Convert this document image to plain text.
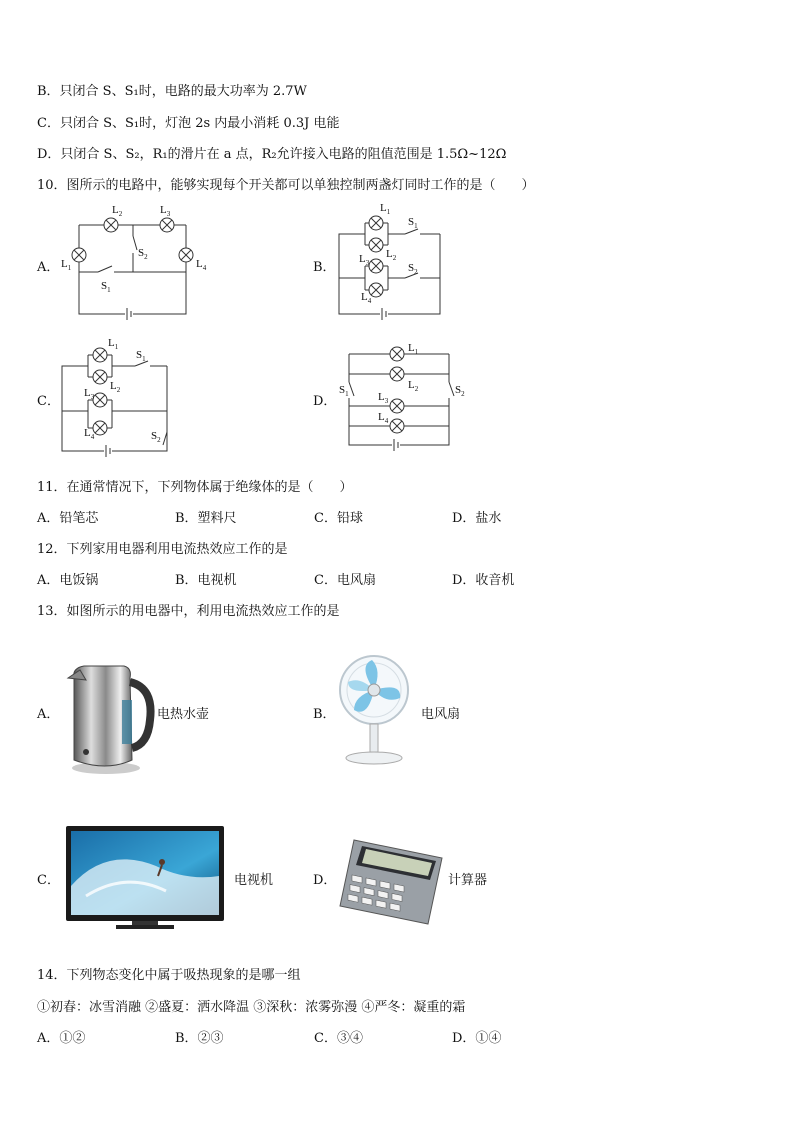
B．只闭合 S、S₁时，电路的最大功率为 2.7W
C．只闭合 S、S₁时，灯泡 2s 内最小消耗 0.3J 电能
D．只闭合 S、S₂，R₁的滑片在 a 点，R₂允许接入电路的阻值范围是 1.5Ω~12Ω
10．图所示的电路中，能够实现每个开关都可以单独控制两盏灯同时工作的是（　　）
A．	B．
C．	D．
$L_1$
$L_2$	$L_3$
$L_4$
$S_2$
$S_1$
$L_1$
$L_2$
$L_3$
$L_4$
$S_1$
$S_2$
$L_1$
$L_2$
$L_3$
$L_4$
$S_1$
$S_2$
$L_1$
$L_2$
$L_3$
$L_4$
$S_1$	$S_2$
11．在通常情况下，下列物体属于绝缘体的是（　　）
A．铅笔芯	B．塑料尺	C．铅球	D．盐水
12．下列家用电器利用电流热效应工作的是
A．电饭锅	B．电视机	C．电风扇	D．收音机
13．如图所示的用电器中，利用电流热效应工作的是
A．	电热水壶	B．	电风扇
C．	电视机	D．	计算器
14．下列物态变化中属于吸热现象的是哪一组
①初春：冰雪消融 ②盛夏：洒水降温 ③深秋：浓雾弥漫 ④严冬：凝重的霜
A．①②	B．②③	C．③④	D．①④
